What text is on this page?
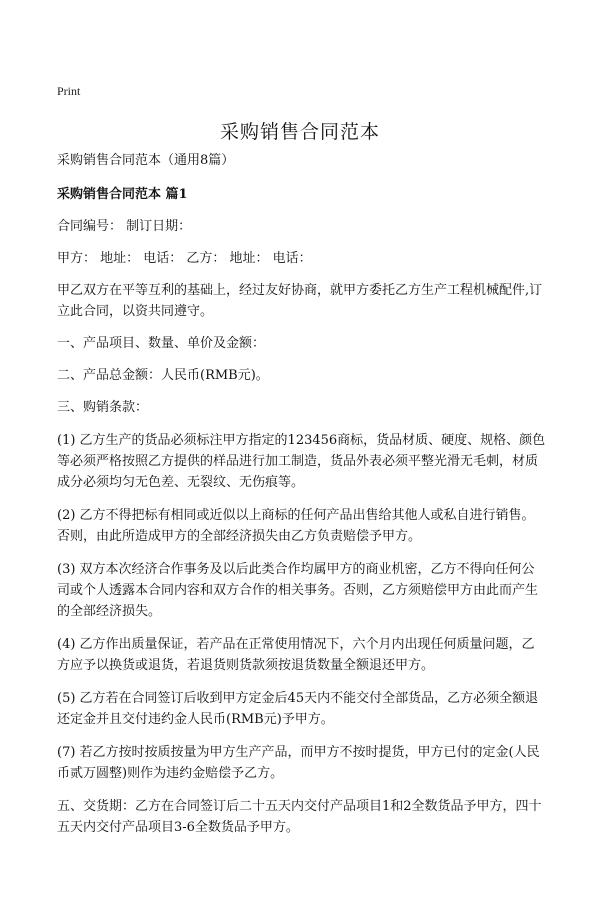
Print
采购销售合同范本

采购销售合同范本（通用8篇）

采购销售合同范本 篇1

合同编号： 制订日期：

甲方： 地址： 电话： 乙方： 地址： 电话：

甲乙双方在平等互利的基础上，经过友好协商，就甲方委托乙方生产工程机械配件,订立此合同，以资共同遵守。

一、产品项目、数量、单价及金额：

二、产品总金额：人民币(RMB元)。

三、购销条款：

(1) 乙方生产的货品必须标注甲方指定的123456商标，货品材质、硬度、规格、颜色等必须严格按照乙方提供的样品进行加工制造，货品外表必须平整光滑无毛刺，材质成分必须均匀无色差、无裂纹、无伤痕等。

(2) 乙方不得把标有相同或近似以上商标的任何产品出售给其他人或私自进行销售。否则，由此所造成甲方的全部经济损失由乙方负责赔偿予甲方。

(3) 双方本次经济合作事务及以后此类合作均属甲方的商业机密，乙方不得向任何公司或个人透露本合同内容和双方合作的相关事务。否则，乙方须赔偿甲方由此而产生的全部经济损失。

(4) 乙方作出质量保证，若产品在正常使用情况下，六个月内出现任何质量问题，乙方应予以换货或退货，若退货则货款须按退货数量全额退还甲方。

(5) 乙方若在合同签订后收到甲方定金后45天内不能交付全部货品，乙方必须全额退还定金并且交付违约金人民币(RMB元)予甲方。

(7) 若乙方按时按质按量为甲方生产产品，而甲方不按时提货，甲方已付的定金(人民币贰万圆整)则作为违约金赔偿予乙方。

五、交货期：乙方在合同签订后二十五天内交付产品项目1和2全数货品予甲方，四十五天内交付产品项目3-6全数货品予甲方。
